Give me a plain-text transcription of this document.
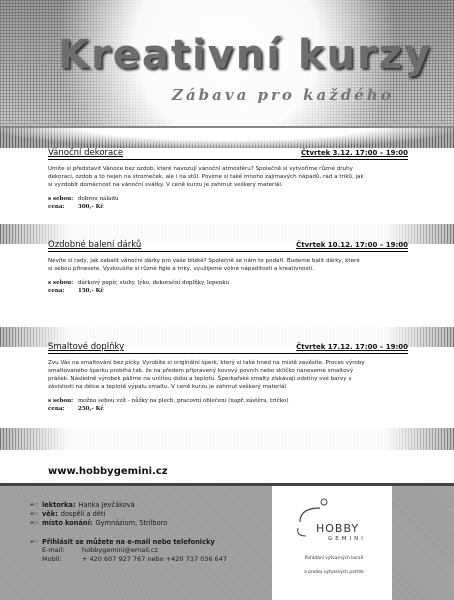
Kreativní kurzy
Zábava pro každého
Vánoční dekorace	Čtvrtek 3.12. 17:00 – 19:00

Umíte si představit Vánoce bez ozdob, které navozují vánoční atmosféru? Společně si vytvoříme různé druhy

dekorací, ozdob a to nejen na stromeček, ale i na stůl. Povíme si také mnoho zajímavých nápadů, rad a triků, jak

si vyzdobit domácnost na vánoční svátky. V ceně kurzu je zahrnut veškerý materiál.

s sebou: dobrou náladu
cena:	300,- Kč
Ozdobné balení dárků	Čtvrtek 10.12. 17:00 – 19:00

Nevíte si rady, jak zabalit vánoční dárky pro vaše blízké? Společně se nám to podaří. Budeme balit dárky, které

si sebou přinesete. Vyzkoušíte si různé figle a triky, využijeme volné nápaditosti a kreativnosti.

s sebou: dárkový papír, stuhy, lýko, dekorační doplňky, lepenku
cena:	150,- Kč
Smaltové doplňky	Čtvrtek 17.12. 17:00 – 19:00

Zvu Vás na smaltování bez pícky. Vyrobíte si originální šperk, který si také hned na místě zavěsíte. Proces výroby

smaltovaného šperku probíhá tak, že na předem připravený kovový povrch nebo sklíčko naneseme smaltový

prášek. Následně výrobek pálíme na určitou dobu a teplotu. Šperkařské smalty získávají odstíny své barvy v

závislosti na délce a teplotě výpalu smaltu. V ceně kurzu je zahrnut veškerý materiál.

s sebou: možno sebou vzít - nůžky na plech, pracovní oblečení (např. zástěra, tričko)
cena:	250,- Kč
www.hobbygemini.cz
▰▱ lektorka: Hanka Jevčáková
▰▱ věk: dospělí a děti
▰▱ místo konání: Gymnázium, Strilboro
▰▱ Přihlásit se můžete na e-mail nebo telefonicky
E-mail:	hobbygemini@email.cz
Mobil:	+ 420 607 927 767 nebo +420 737 036 647
HOBBY
GEMINI
Pořádání výtvarných kurzů
a prodej výtvarných potřeb
